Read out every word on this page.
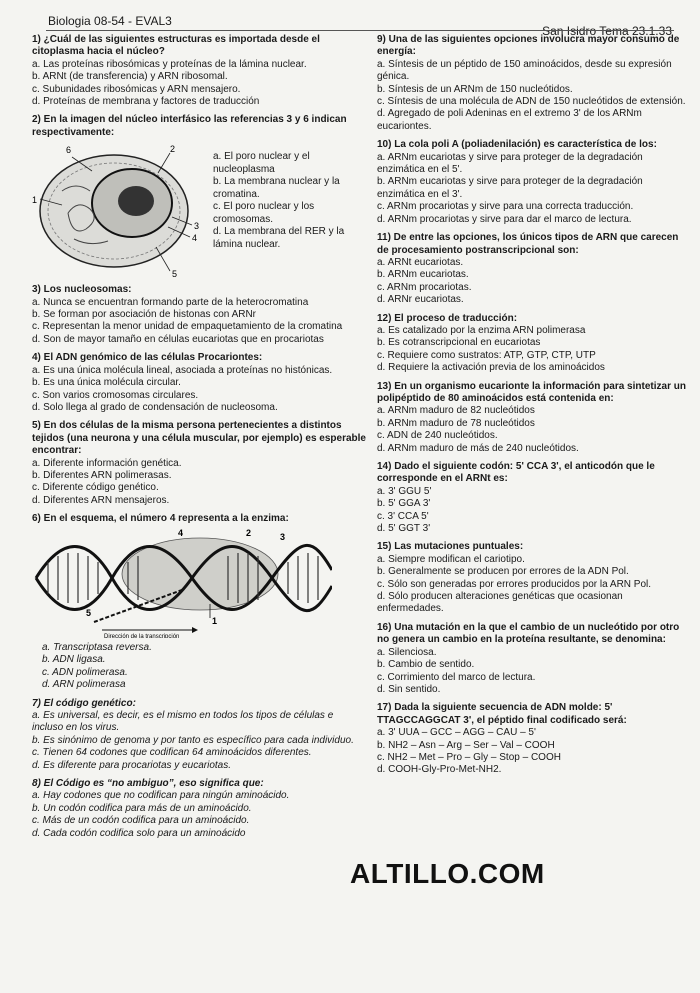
Biologia 08-54 - EVAL3
San Isidro Tema 23.1.33
1) ¿Cuál de las siguientes estructuras es importada desde el citoplasma hacia el núcleo?
a. Las proteínas ribosómicas y proteínas de la lámina nuclear.
b. ARNt (de transferencia) y ARN ribosomal.
c. Subunidades ribosómicas y ARN mensajero.
d. Proteínas de membrana y factores de traducción
2) En la imagen del núcleo interfásico las referencias 3 y 6 indican respectivamente:
1
2
3
4
5
6
a. El poro nuclear y el nucleoplasma
b. La membrana nuclear y la cromatina.
c. El poro nuclear y los cromosomas.
d. La membrana del RER y la lámina nuclear.
3) Los nucleosomas:
a. Nunca se encuentran formando parte de la heterocromatina
b. Se forman por asociación de histonas con ARNr
c. Representan la menor unidad de empaquetamiento de la cromatina
d. Son de mayor tamaño en células eucariotas que en procariotas
4) El ADN genómico de las células Procariontes:
a. Es una única molécula lineal, asociada a proteínas no histónicas.
b. Es una única molécula circular.
c. Son varios cromosomas circulares.
d. Solo llega al grado de condensación de nucleosoma.
5) En dos células de la misma persona pertenecientes a distintos tejidos (una neurona y una célula muscular, por ejemplo) es esperable encontrar:
a. Diferente información genética.
b. Diferentes ARN polimerasas.
c. Diferente código genético.
d. Diferentes ARN mensajeros.
6) En el esquema, el número 4 representa a la enzima:
4	2	3
5
1
Dirección de la transcripción
a. Transcriptasa reversa.
b. ADN ligasa.
c. ADN polimerasa.
d. ARN polimerasa
7) El código genético:
a. Es universal, es decir, es el mismo en todos los tipos de células e incluso en los virus.
b. Es sinónimo de genoma y por tanto es específico para cada individuo.
c. Tienen 64 codones que codifican 64 aminoácidos diferentes.
d. Es diferente para procariotas y eucariotas.
8) El Código es “no ambiguo”, eso significa que:
a. Hay codones que no codifican para ningún aminoácido.
b. Un codón codifica para más de un aminoácido.
c. Más de un codón codifica para un aminoácido.
d. Cada codón codifica solo para un aminoácido
9) Una de las siguientes opciones involucra mayor consumo de energía:
a. Síntesis de un péptido de 150 aminoácidos, desde su expresión génica.
b. Síntesis de un ARNm de 150 nucleótidos.
c. Síntesis de una molécula de ADN de 150 nucleótidos de extensión.
d. Agregado de poli Adeninas en el extremo 3' de los ARNm eucariontes.
10) La cola poli A (poliadenilación) es característica de los:
a. ARNm eucariotas y sirve para proteger de la degradación enzimática en el 5'.
b. ARNm eucariotas y sirve para proteger de la degradación enzimática en el 3'.
c. ARNm procariotas y sirve para una correcta traducción.
d. ARNm procariotas y sirve para dar el marco de lectura.
11) De entre las opciones, los únicos tipos de ARN que carecen de procesamiento postranscripcional son:
a. ARNt eucariotas.
b. ARNm eucariotas.
c. ARNm procariotas.
d. ARNr eucariotas.
12) El proceso de traducción:
a. Es catalizado por la enzima ARN polimerasa
b. Es cotranscripcional en eucariotas
c. Requiere como sustratos: ATP, GTP, CTP, UTP
d. Requiere la activación previa de los aminoácidos
13) En un organismo eucarionte la información para sintetizar un polipéptido de 80 aminoácidos está contenida en:
a. ARNm maduro de 82 nucleótidos
b. ARNm maduro de 78 nucleótidos
c. ADN de 240 nucleótidos.
d. ARNm maduro de más de 240 nucleótidos.
14) Dado el siguiente codón: 5' CCA 3', el anticodón que le corresponde en el ARNt es:
a. 3' GGU 5'
b. 5' GGA 3'
c. 3' CCA 5'
d. 5' GGT 3'
15) Las mutaciones puntuales:
a. Siempre modifican el cariotipo.
b. Generalmente se producen por errores de la ADN Pol.
c. Sólo son generadas por errores producidos por la ARN Pol.
d. Sólo producen alteraciones genéticas que ocasionan enfermedades.
16) Una mutación en la que el cambio de un nucleótido por otro no genera un cambio en la proteína resultante, se denomina:
a. Silenciosa.
b. Cambio de sentido.
c. Corrimiento del marco de lectura.
d. Sin sentido.
17) Dada la siguiente secuencia de ADN molde: 5' TTAGCCAGGCAT 3', el péptido final codificado será:
a. 3' UUA – GCC – AGG – CAU – 5'
b. NH2 – Asn – Arg – Ser – Val – COOH
c. NH2 – Met – Pro – Gly – Stop – COOH
d. COOH-Gly-Pro-Met-NH2.
ALTILLO.COM
